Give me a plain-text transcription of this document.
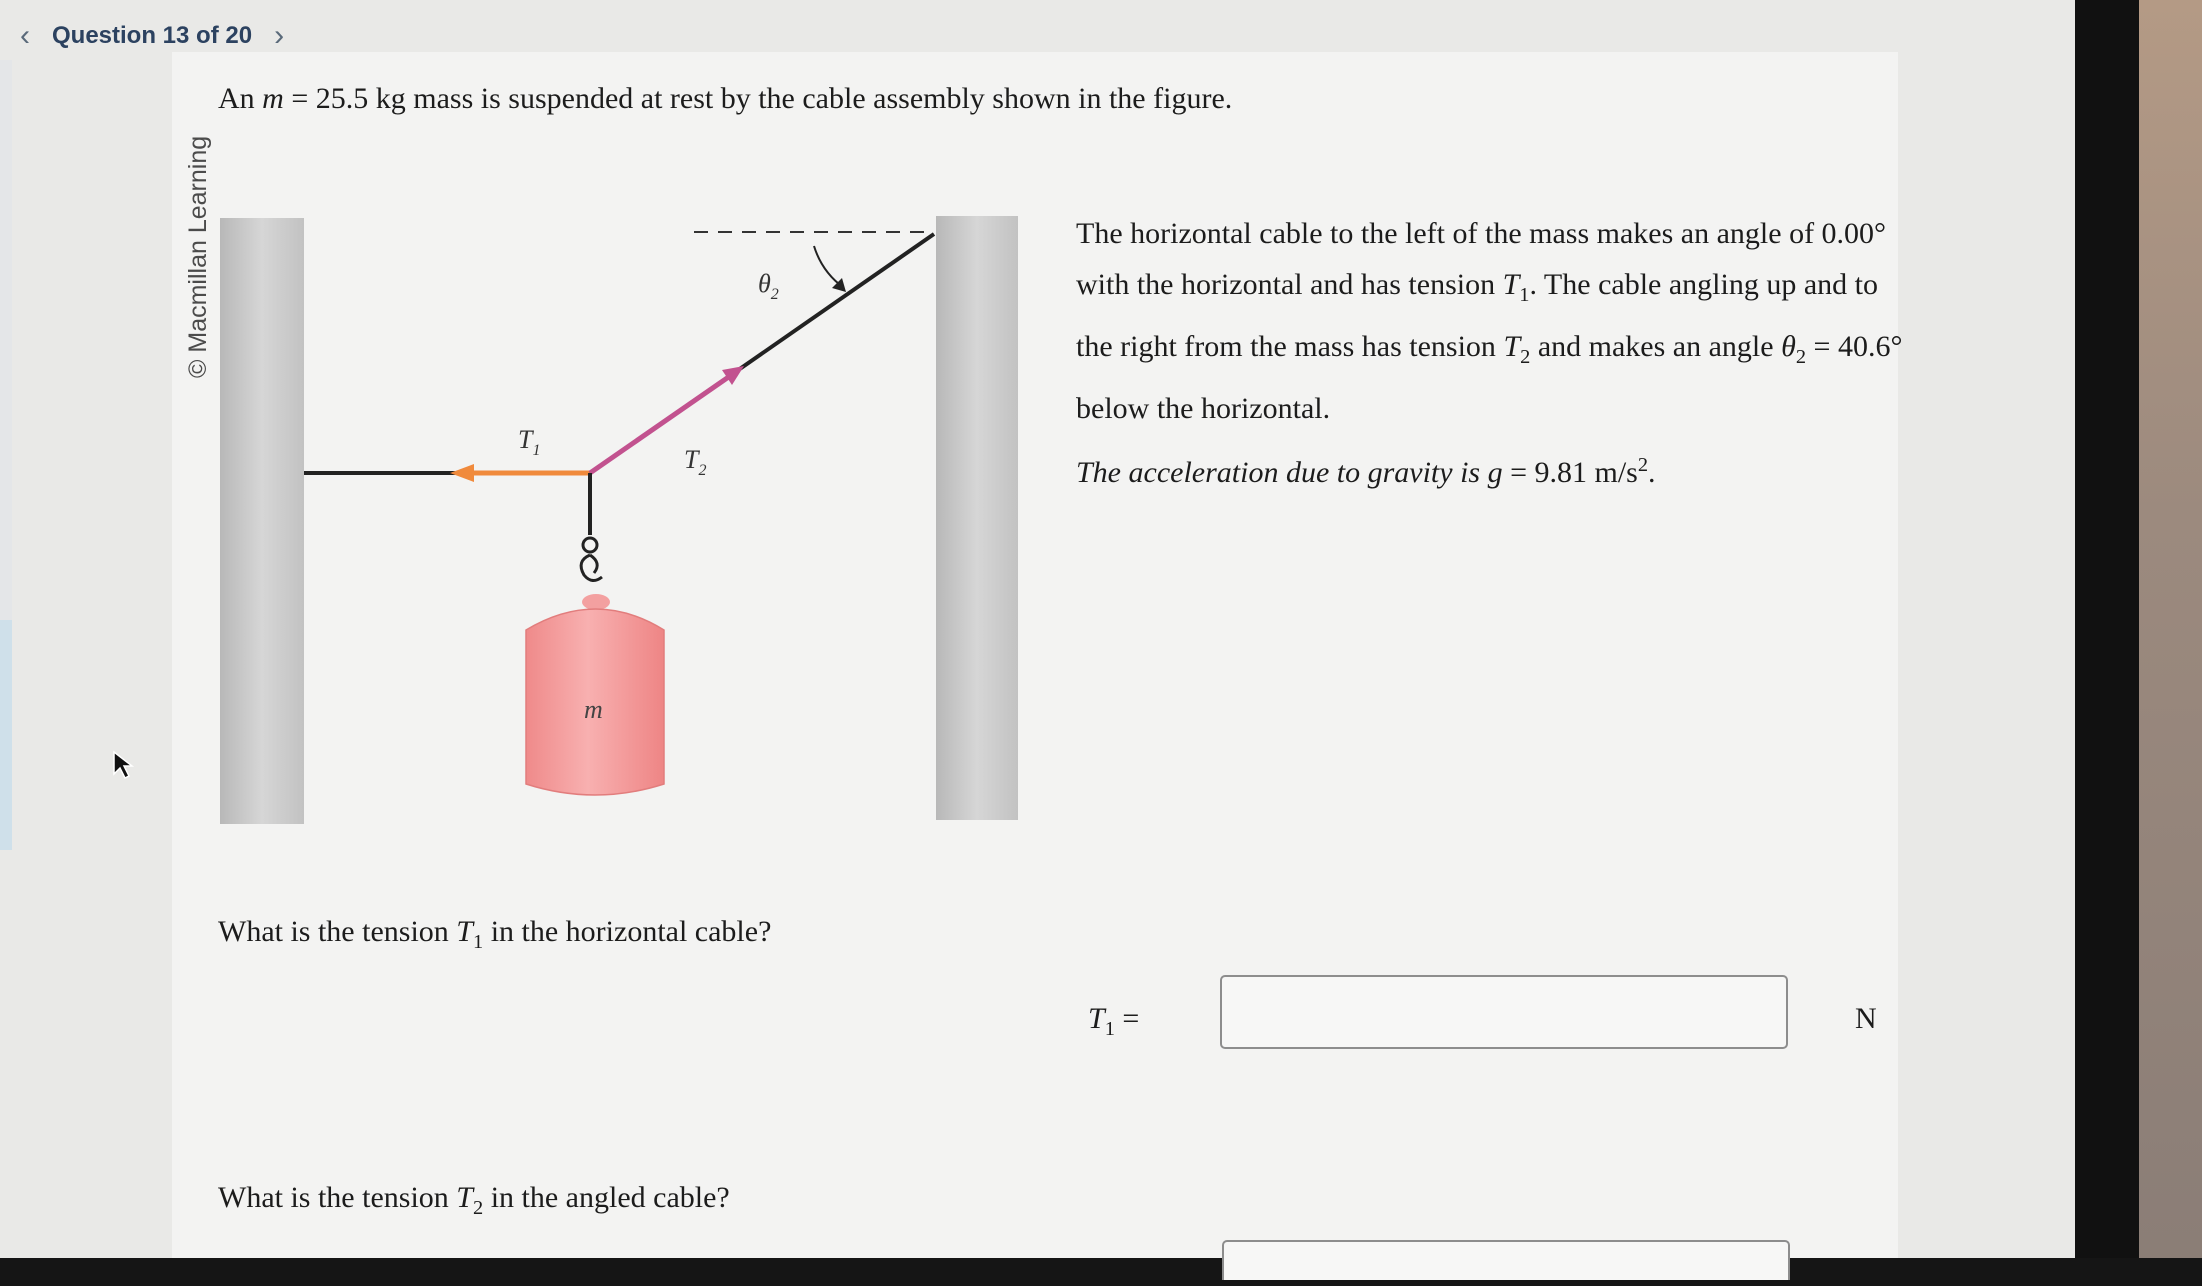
‹ Question 13 of 20 ›
© Macmillan Learning
An m = 25.5 kg mass is suspended at rest by the cable assembly shown in the figure.
$T_1$	$T_2$
$\theta_2$
m

The horizontal cable to the left of the mass makes an angle of 0.00° with the horizontal and has tension $T_1$. The cable angling up and to the right from the mass has tension $T_2$ and makes an angle $\theta_2 = 40.6^\circ$ below the horizontal.

The acceleration due to gravity is g = 9.81 $m/s^2$.

What is the tension $T_1$ in the horizontal cable?
$T_1$ =	N
What is the tension $T_2$ in the angled cable?
